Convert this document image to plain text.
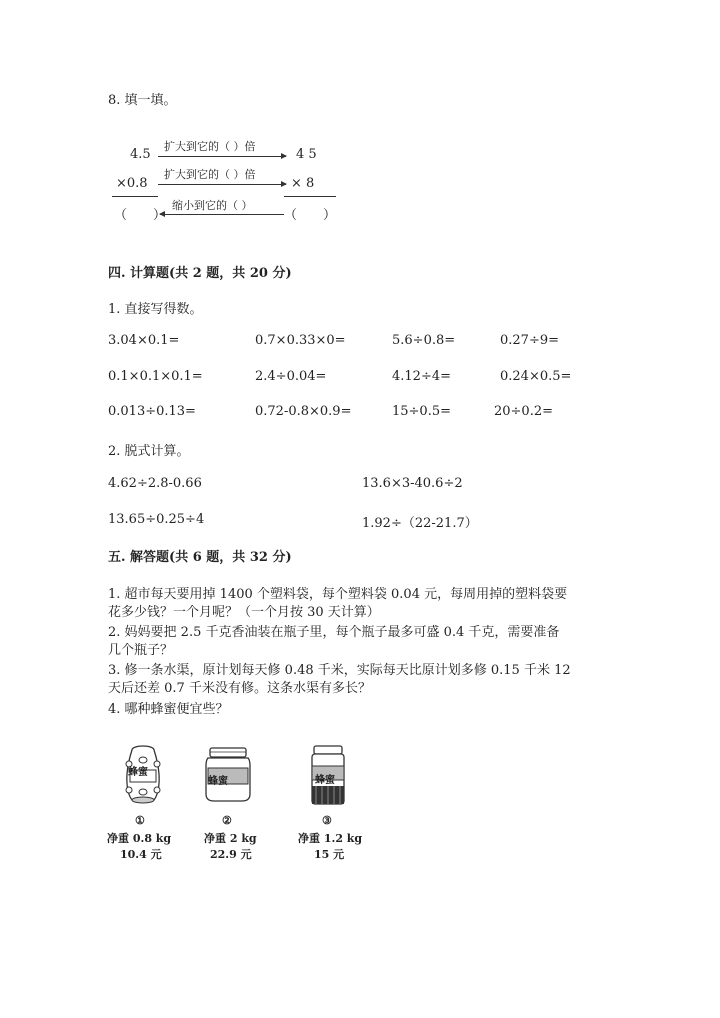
8. 填一填。
4.5
扩大到它的（ ）倍
4 5
×0.8
扩大到它的（ ）倍
× 8
（　　）
缩小到它的（ ）
（　　）
四. 计算题(共 2 题，共 20 分)
1. 直接写得数。
3.04×0.1=	0.7×0.33×0=	5.6÷0.8=	0.27÷9=
0.1×0.1×0.1=	2.4÷0.04=	4.12÷4=	0.24×0.5=
0.013÷0.13=	0.72-0.8×0.9=	15÷0.5=	20÷0.2=
2. 脱式计算。
4.62÷2.8-0.66	13.6×3-40.6÷2
13.65÷0.25÷4	1.92÷（22-21.7）
五. 解答题(共 6 题，共 32 分)
1. 超市每天要用掉 1400 个塑料袋，每个塑料袋 0.04 元，每周用掉的塑料袋要
花多少钱？一个月呢？（一个月按 30 天计算）
2. 妈妈要把 2.5 千克香油装在瓶子里，每个瓶子最多可盛 0.4 千克，需要准备
几个瓶子？
3. 修一条水渠，原计划每天修 0.48 千米，实际每天比原计划多修 0.15 千米 12
天后还差 0.7 千米没有修。这条水渠有多长？
4. 哪种蜂蜜便宜些？
蜂蜜
蜂蜜	蜂蜜
①
净重 0.8 kg
10.4 元
②
净重 2 kg
22.9 元
③
净重 1.2 kg
15 元
